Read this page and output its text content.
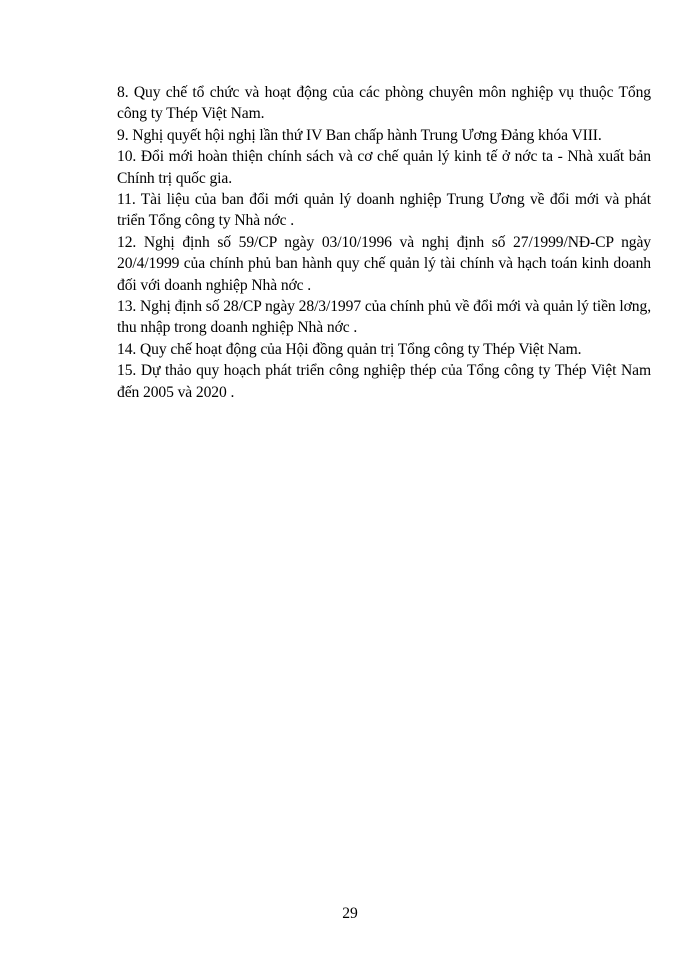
8. Quy chế tổ chức và hoạt động của các phòng chuyên môn nghiệp vụ thuộc Tổng công ty Thép Việt Nam.
9. Nghị quyết hội nghị lần thứ IV Ban chấp hành Trung Ương Đảng khóa VIII.
10. Đổi mới hoàn thiện chính sách và cơ chế quản lý kinh tế ở nớc ta - Nhà xuất bản Chính trị quốc gia.
11. Tài liệu của ban đổi mới quản lý doanh nghiệp Trung Ương về đổi mới và phát triển Tổng công ty Nhà nớc .
12. Nghị định số 59/CP ngày 03/10/1996 và nghị định số 27/1999/NĐ-CP ngày 20/4/1999 của chính phủ ban hành quy chế quản lý tài chính và hạch toán kinh doanh đối với doanh nghiệp Nhà nớc .
13. Nghị định số 28/CP ngày 28/3/1997 của chính phủ về đổi mới và quản lý tiền lơng, thu nhập trong doanh nghiệp Nhà nớc .
14. Quy chế hoạt động của Hội đồng quản trị Tổng công ty Thép Việt Nam.
15. Dự thảo quy hoạch phát triển công nghiệp thép của Tổng công ty Thép Việt Nam đến 2005 và 2020 .
29
